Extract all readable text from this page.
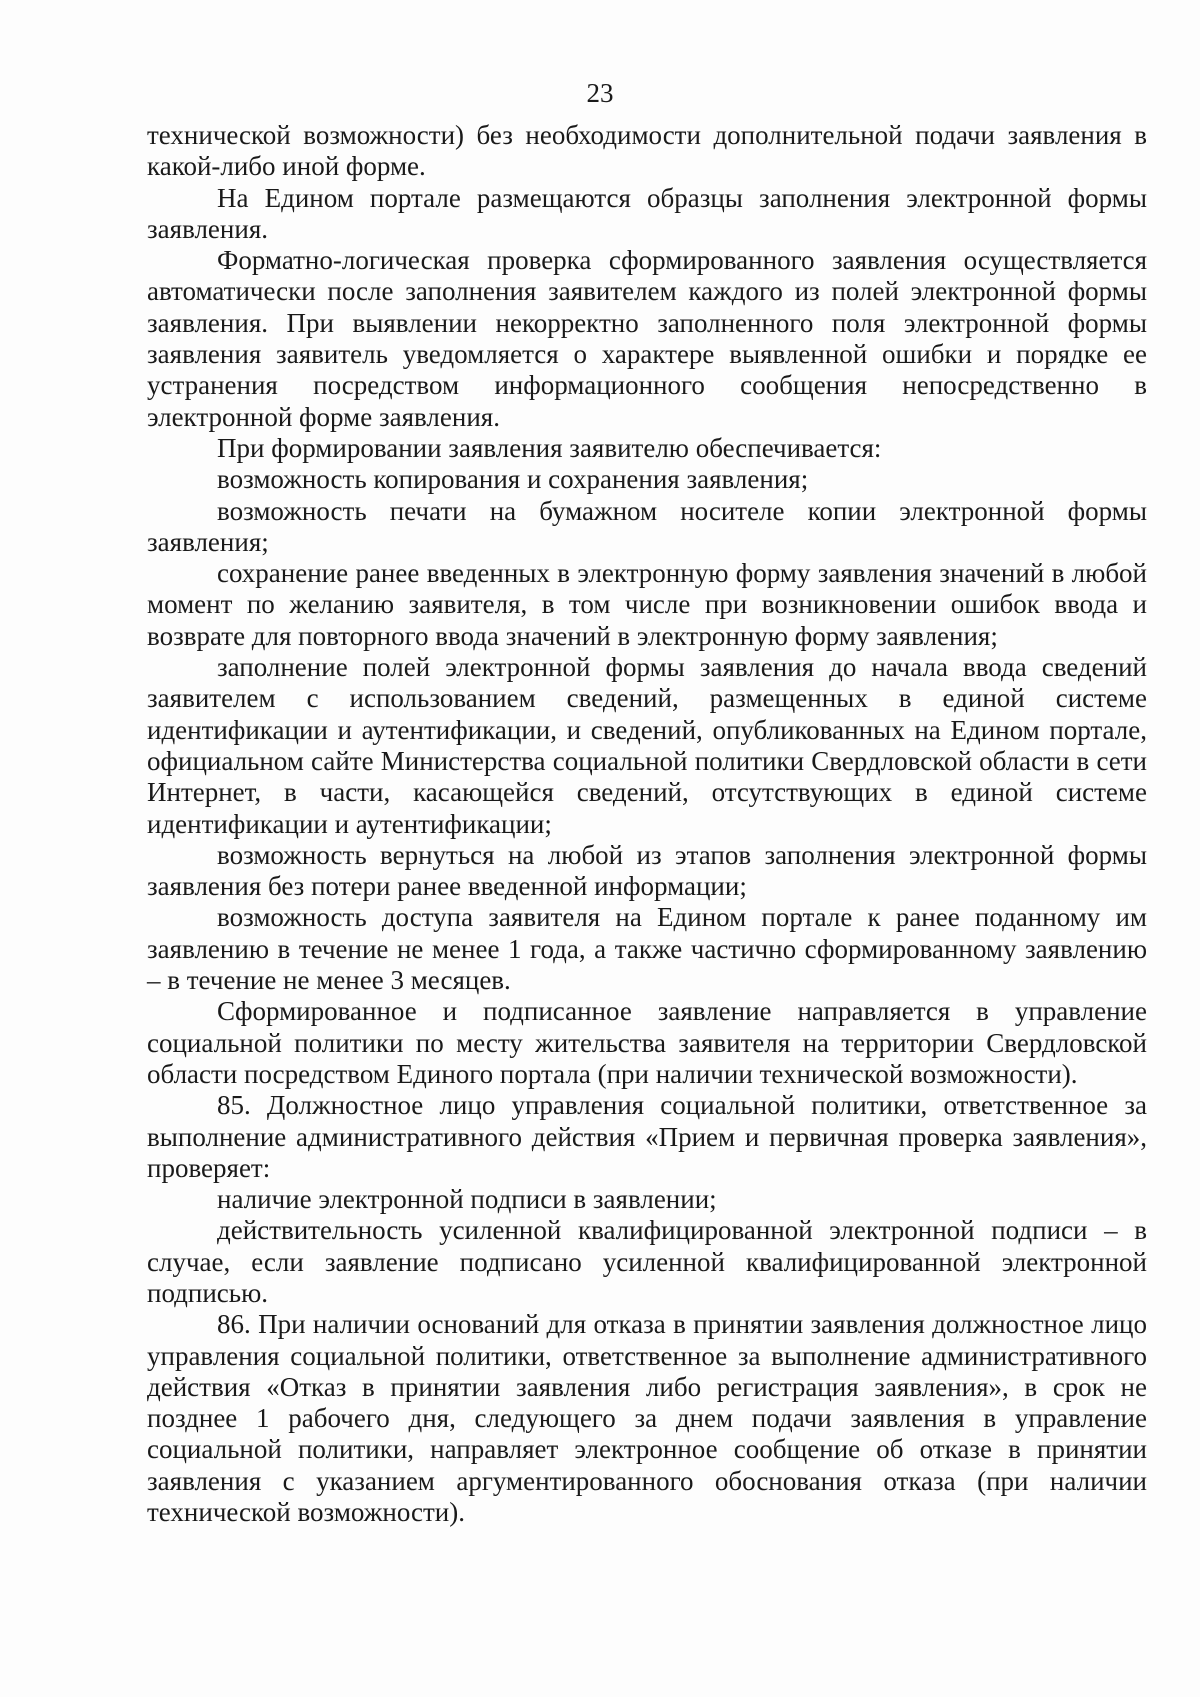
23

технической возможности) без необходимости дополнительной подачи заявления в какой-либо иной форме.

На Едином портале размещаются образцы заполнения электронной формы заявления.

Форматно-логическая проверка сформированного заявления осуществляется автоматически после заполнения заявителем каждого из полей электронной формы заявления. При выявлении некорректно заполненного поля электронной формы заявления заявитель уведомляется о характере выявленной ошибки и порядке ее устранения посредством информационного сообщения непосредственно в электронной форме заявления.

При формировании заявления заявителю обеспечивается:

возможность копирования и сохранения заявления;

возможность печати на бумажном носителе копии электронной формы заявления;

сохранение ранее введенных в электронную форму заявления значений в любой момент по желанию заявителя, в том числе при возникновении ошибок ввода и возврате для повторного ввода значений в электронную форму заявления;

заполнение полей электронной формы заявления до начала ввода сведений заявителем с использованием сведений, размещенных в единой системе идентификации и аутентификации, и сведений, опубликованных на Едином портале, официальном сайте Министерства социальной политики Свердловской области в сети Интернет, в части, касающейся сведений, отсутствующих в единой системе идентификации и аутентификации;

возможность вернуться на любой из этапов заполнения электронной формы заявления без потери ранее введенной информации;

возможность доступа заявителя на Едином портале к ранее поданному им заявлению в течение не менее 1 года, а также частично сформированному заявлению – в течение не менее 3 месяцев.

Сформированное и подписанное заявление направляется в управление социальной политики по месту жительства заявителя на территории Свердловской области посредством Единого портала (при наличии технической возможности).

85. Должностное лицо управления социальной политики, ответственное за выполнение административного действия «Прием и первичная проверка заявления», проверяет:

наличие электронной подписи в заявлении;

действительность усиленной квалифицированной электронной подписи – в случае, если заявление подписано усиленной квалифицированной электронной подписью.

86. При наличии оснований для отказа в принятии заявления должностное лицо управления социальной политики, ответственное за выполнение административного действия «Отказ в принятии заявления либо регистрация заявления», в срок не позднее 1 рабочего дня, следующего за днем подачи заявления в управление социальной политики, направляет электронное сообщение об отказе в принятии заявления с указанием аргументированного обоснования отказа (при наличии технической возможности).
